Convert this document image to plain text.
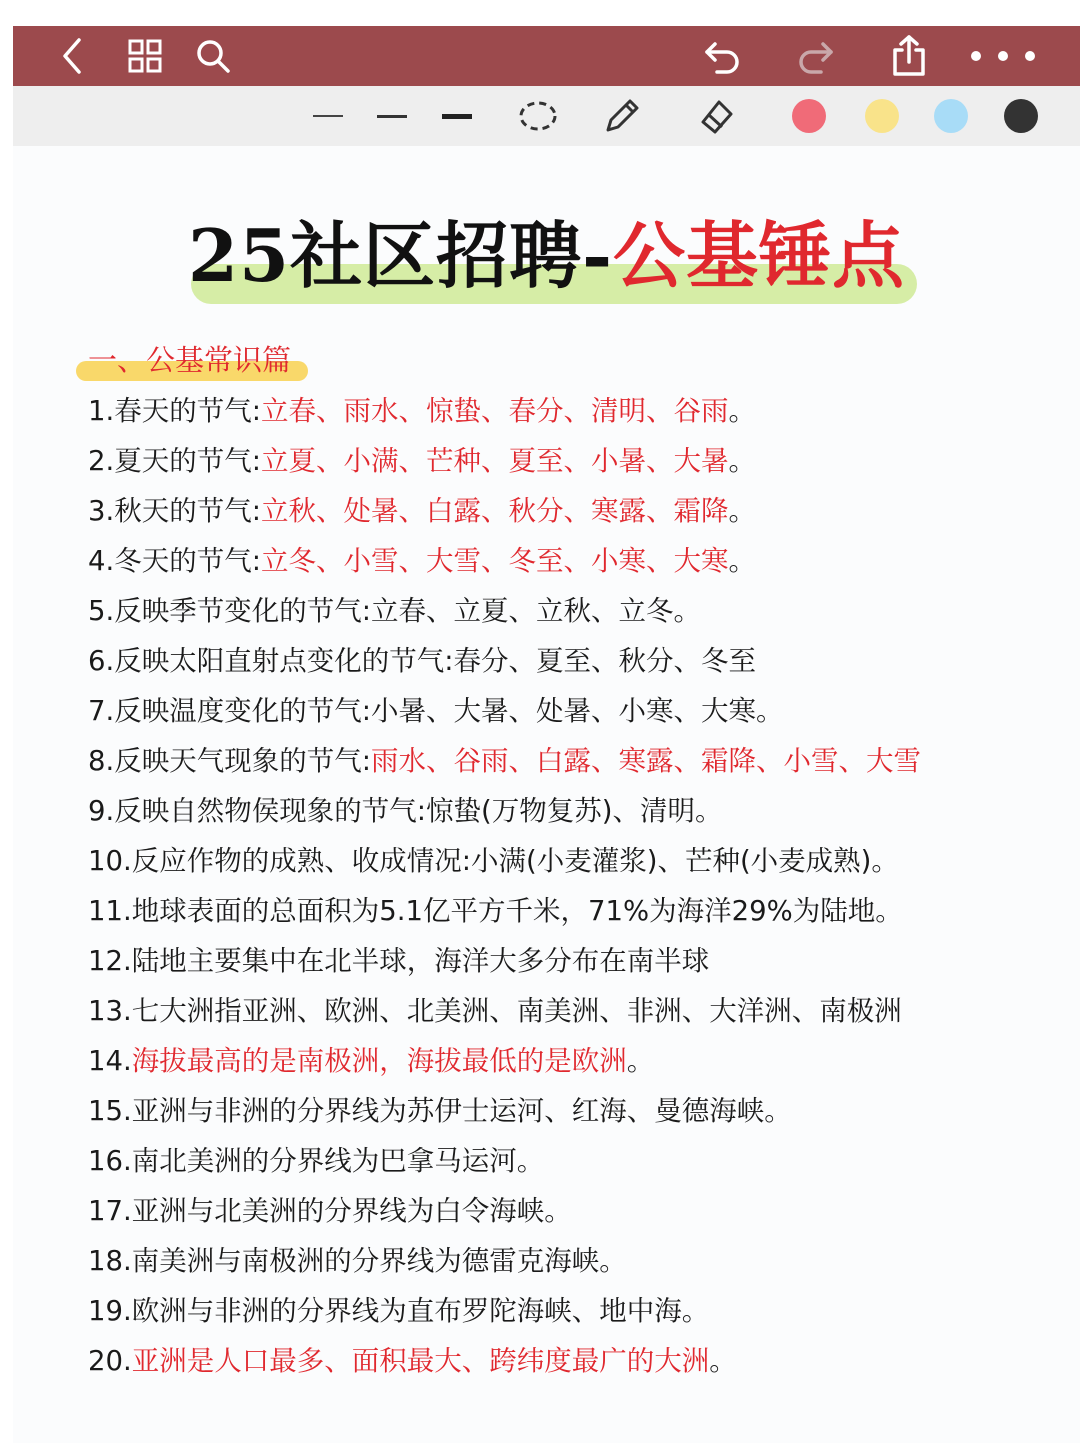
25社区招聘-公基锤点
一、公基常识篇
1.春天的节气:立春、雨水、惊蛰、春分、清明、谷雨。
2.夏天的节气:立夏、小满、芒种、夏至、小暑、大暑。
3.秋天的节气:立秋、处暑、白露、秋分、寒露、霜降。
4.冬天的节气:立冬、小雪、大雪、冬至、小寒、大寒。
5.反映季节变化的节气:立春、立夏、立秋、立冬。
6.反映太阳直射点变化的节气:春分、夏至、秋分、冬至
7.反映温度变化的节气:小暑、大暑、处暑、小寒、大寒。
8.反映天气现象的节气:雨水、谷雨、白露、寒露、霜降、小雪、大雪
9.反映自然物侯现象的节气:惊蛰(万物复苏)、清明。
10.反应作物的成熟、收成情况:小满(小麦灌浆)、芒种(小麦成熟)。
11.地球表面的总面积为5.1亿平方千米，71%为海洋29%为陆地。
12.陆地主要集中在北半球，海洋大多分布在南半球
13.七大洲指亚洲、欧洲、北美洲、南美洲、非洲、大洋洲、南极洲
14.海拔最高的是南极洲，海拔最低的是欧洲。
15.亚洲与非洲的分界线为苏伊士运河、红海、曼德海峡。
16.南北美洲的分界线为巴拿马运河。
17.亚洲与北美洲的分界线为白令海峡。
18.南美洲与南极洲的分界线为德雷克海峡。
19.欧洲与非洲的分界线为直布罗陀海峡、地中海。
20.亚洲是人口最多、面积最大、跨纬度最广的大洲。
